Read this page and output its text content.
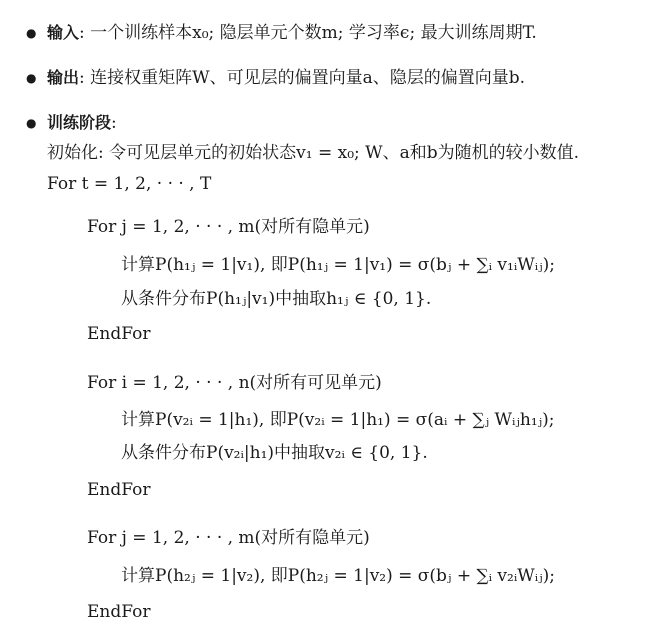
● 输入: 一个训练样本x₀; 隐层单元个数m; 学习率ϵ; 最大训练周期T.
● 输出: 连接权重矩阵W、可见层的偏置向量a、隐层的偏置向量b.
● 训练阶段:
初始化: 令可见层单元的初始状态v₁ = x₀; W、a和b为随机的较小数值.
For t = 1, 2, · · · , T
For j = 1, 2, · · · , m(对所有隐单元)
计算P(h₁ⱼ = 1|v₁), 即P(h₁ⱼ = 1|v₁) = σ(bⱼ + ∑ᵢ v₁ᵢWᵢⱼ);
从条件分布P(h₁ⱼ|v₁)中抽取h₁ⱼ ∈ {0, 1}.
EndFor
For i = 1, 2, · · · , n(对所有可见单元)
计算P(v₂ᵢ = 1|h₁), 即P(v₂ᵢ = 1|h₁) = σ(aᵢ + ∑ⱼ Wᵢⱼh₁ⱼ);
从条件分布P(v₂ᵢ|h₁)中抽取v₂ᵢ ∈ {0, 1}.
EndFor
For j = 1, 2, · · · , m(对所有隐单元)
计算P(h₂ⱼ = 1|v₂), 即P(h₂ⱼ = 1|v₂) = σ(bⱼ + ∑ᵢ v₂ᵢWᵢⱼ);
EndFor
